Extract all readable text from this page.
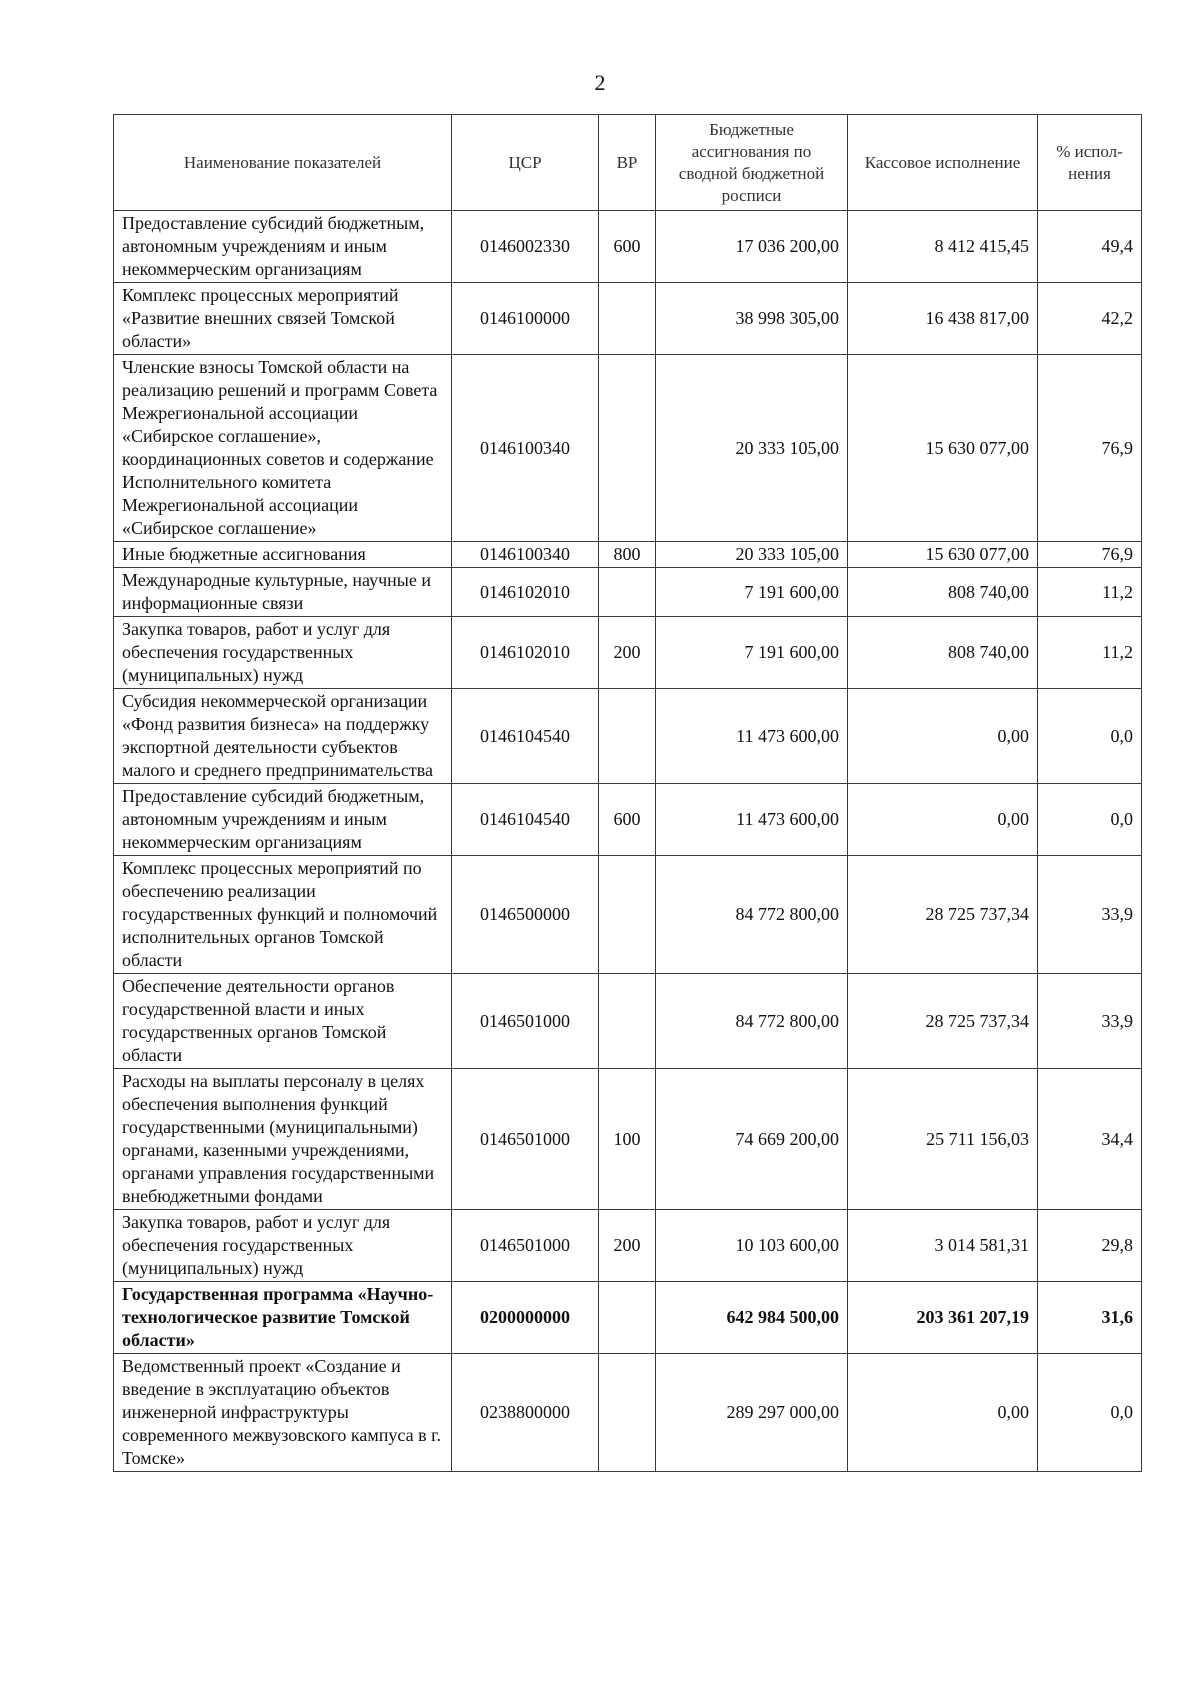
2
Наименование показателей	ЦСР	ВР	Бюджетные ассигнования по сводной бюджетной росписи	Кассовое исполнение	% испол-нения
Предоставление субсидий бюджетным, автономным учреждениям и иным некоммерческим организациям	0146002330	600	17 036 200,00	8 412 415,45	49,4
Комплекс процессных мероприятий «Развитие внешних связей Томской области»	0146100000		38 998 305,00	16 438 817,00	42,2
Членские взносы Томской области на реализацию решений и программ Совета Межрегиональной ассоциации «Сибирское соглашение», координационных советов и содержание Исполнительного комитета Межрегиональной ассоциации «Сибирское соглашение»	0146100340		20 333 105,00	15 630 077,00	76,9
Иные бюджетные ассигнования	0146100340	800	20 333 105,00	15 630 077,00	76,9
Международные культурные, научные и информационные связи	0146102010		7 191 600,00	808 740,00	11,2
Закупка товаров, работ и услуг для обеспечения государственных (муниципальных) нужд	0146102010	200	7 191 600,00	808 740,00	11,2
Субсидия некоммерческой организации «Фонд развития бизнеса» на поддержку экспортной деятельности субъектов малого и среднего предпринимательства	0146104540		11 473 600,00	0,00	0,0
Предоставление субсидий бюджетным, автономным учреждениям и иным некоммерческим организациям	0146104540	600	11 473 600,00	0,00	0,0
Комплекс процессных мероприятий по обеспечению реализации государственных функций и полномочий исполнительных органов Томской области	0146500000		84 772 800,00	28 725 737,34	33,9
Обеспечение деятельности органов государственной власти и иных государственных органов Томской области	0146501000		84 772 800,00	28 725 737,34	33,9
Расходы на выплаты персоналу в целях обеспечения выполнения функций государственными (муниципальными) органами, казенными учреждениями, органами управления государственными внебюджетными фондами	0146501000	100	74 669 200,00	25 711 156,03	34,4
Закупка товаров, работ и услуг для обеспечения государственных (муниципальных) нужд	0146501000	200	10 103 600,00	3 014 581,31	29,8
Государственная программа «Научно-технологическое развитие Томской области»	0200000000		642 984 500,00	203 361 207,19	31,6
Ведомственный проект «Создание и введение в эксплуатацию объектов инженерной инфраструктуры современного межвузовского кампуса в г. Томске»	0238800000		289 297 000,00	0,00	0,0
